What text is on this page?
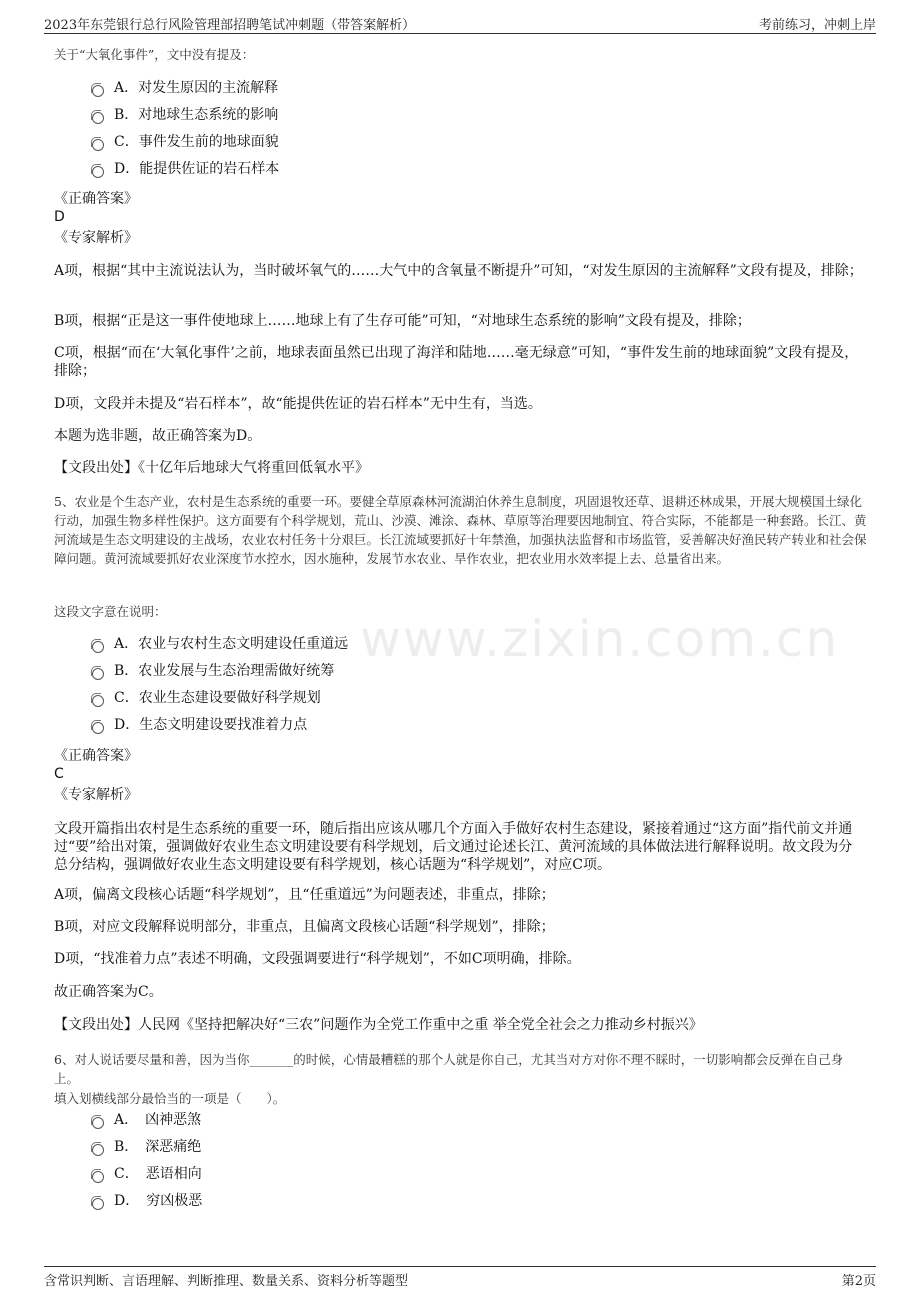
2023年东莞银行总行风险管理部招聘笔试冲刺题（带答案解析）	考前练习，冲刺上岸
www.zixin.com.cn
关于“大氧化事件”，文中没有提及：
A．对发生原因的主流解释
B．对地球生态系统的影响
C．事件发生前的地球面貌
D．能提供佐证的岩石样本
《正确答案》
D
《专家解析》
A项，根据“其中主流说法认为，当时破坏氧气的……大气中的含氧量不断提升”可知，“对发生原因的主流解释”文段有提及，排除；
B项，根据“正是这一事件使地球上……地球上有了生存可能”可知，“对地球生态系统的影响”文段有提及，排除；
C项，根据“而在‘大氧化事件’之前，地球表面虽然已出现了海洋和陆地……毫无绿意”可知，“事件发生前的地球面貌”文段有提及，排除；
D项，文段并未提及“岩石样本”，故“能提供佐证的岩石样本”无中生有，当选。
本题为选非题，故正确答案为D。
【文段出处】《十亿年后地球大气将重回低氧水平》
5、农业是个生态产业，农村是生态系统的重要一环。要健全草原森林河流湖泊休养生息制度，巩固退牧还草、退耕还林成果，开展大规模国土绿化行动，加强生物多样性保护。这方面要有个科学规划，荒山、沙漠、滩涂、森林、草原等治理要因地制宜、符合实际，不能都是一种套路。长江、黄河流域是生态文明建设的主战场，农业农村任务十分艰巨。长江流域要抓好十年禁渔，加强执法监督和市场监管，妥善解决好渔民转产转业和社会保障问题。黄河流域要抓好农业深度节水控水，因水施种，发展节水农业、旱作农业，把农业用水效率提上去、总量省出来。
这段文字意在说明：
A．农业与农村生态文明建设任重道远
B．农业发展与生态治理需做好统筹
C．农业生态建设要做好科学规划
D．生态文明建设要找准着力点
《正确答案》
C
《专家解析》
文段开篇指出农村是生态系统的重要一环，随后指出应该从哪几个方面入手做好农村生态建设，紧接着通过“这方面”指代前文并通过“要”给出对策，强调做好农业生态文明建设要有科学规划，后文通过论述长江、黄河流域的具体做法进行解释说明。故文段为分总分结构，强调做好农业生态文明建设要有科学规划，核心话题为“科学规划”，对应C项。
A项，偏离文段核心话题“科学规划”，且“任重道远”为问题表述，非重点，排除；
B项，对应文段解释说明部分，非重点，且偏离文段核心话题“科学规划”，排除；
D项，“找准着力点”表述不明确，文段强调要进行“科学规划”，不如C项明确，排除。
故正确答案为C。
【文段出处】人民网《坚持把解决好“三农”问题作为全党工作重中之重 举全党全社会之力推动乡村振兴》
6、对人说话要尽量和善，因为当你_______的时候，心情最糟糕的那个人就是你自己，尤其当对方对你不理不睬时，一切影响都会反弹在自己身上。
填入划横线部分最恰当的一项是（　　）。
A．　凶神恶煞
B．　深恶痛绝
C．　恶语相向
D．　穷凶极恶
含常识判断、言语理解、判断推理、数量关系、资料分析等题型	第2页
